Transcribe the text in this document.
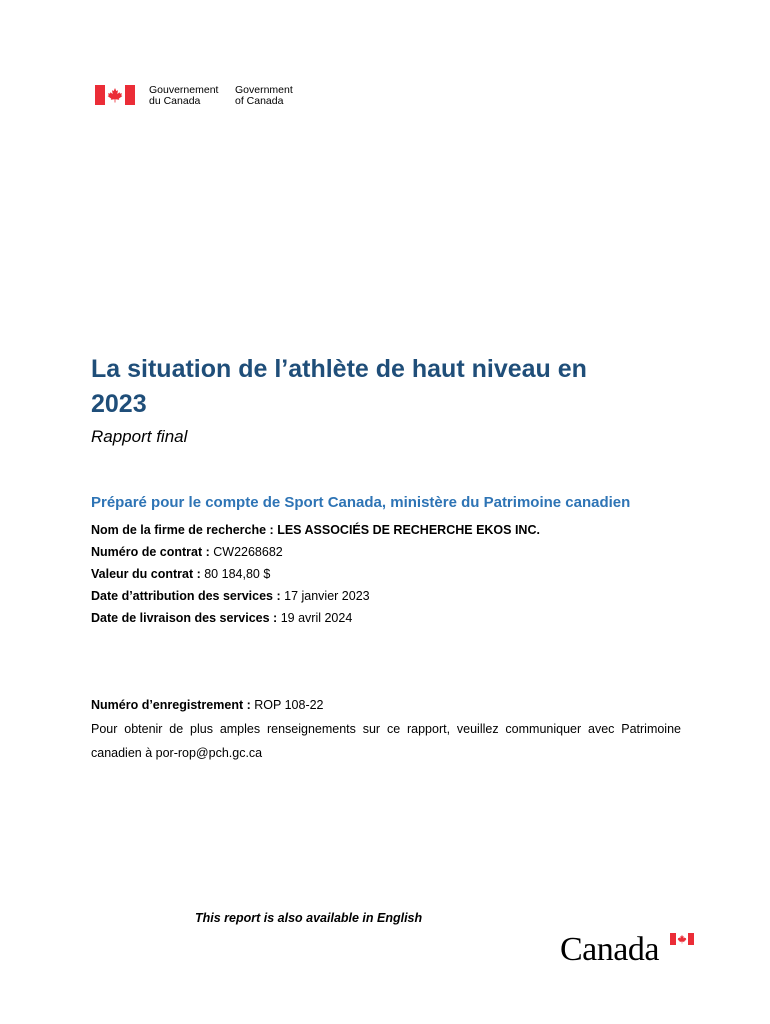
Gouvernement
du Canada
Government
of Canada
La situation de l’athlète de haut niveau en
2023
Rapport final
Préparé pour le compte de Sport Canada, ministère du Patrimoine canadien
Nom de la firme de recherche : LES ASSOCIÉS DE RECHERCHE EKOS INC.
Numéro de contrat : CW2268682
Valeur du contrat : 80 184,80 $
Date d’attribution des services : 17 janvier 2023
Date de livraison des services : 19 avril 2024
Numéro d’enregistrement : ROP 108-22
Pour obtenir de plus amples renseignements sur ce rapport, veuillez communiquer avec Patrimoine canadien à por-rop@pch.gc.ca
This report is also available in English
Canada
